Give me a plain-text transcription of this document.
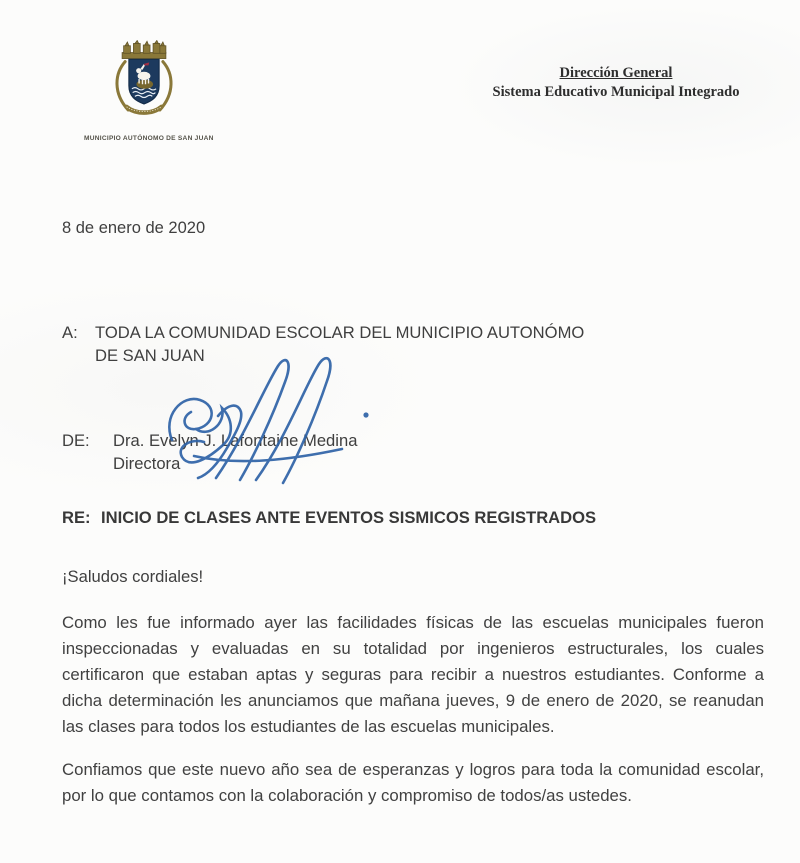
MUNICIPIO AUTÓNOMO DE SAN JUAN
Dirección General
Sistema Educativo Municipal Integrado
8 de enero de 2020
A:	TODA LA COMUNIDAD ESCOLAR DEL MUNICIPIO AUTONÓMO
DE SAN JUAN
DE:	Dra. Evelyn J. Lafontaine Medina
Directora
RE: INICIO DE CLASES ANTE EVENTOS SISMICOS REGISTRADOS
¡Saludos cordiales!
Como les fue informado ayer las facilidades físicas de las escuelas municipales fueron inspeccionadas y evaluadas en su totalidad por ingenieros estructurales, los cuales certificaron que estaban aptas y seguras para recibir a nuestros estudiantes. Conforme a dicha determinación les anunciamos que mañana jueves, 9 de enero de 2020, se reanudan las clases para todos los estudiantes de las escuelas municipales.
Confiamos que este nuevo año sea de esperanzas y logros para toda la comunidad escolar, por lo que contamos con la colaboración y compromiso de todos/as ustedes.
